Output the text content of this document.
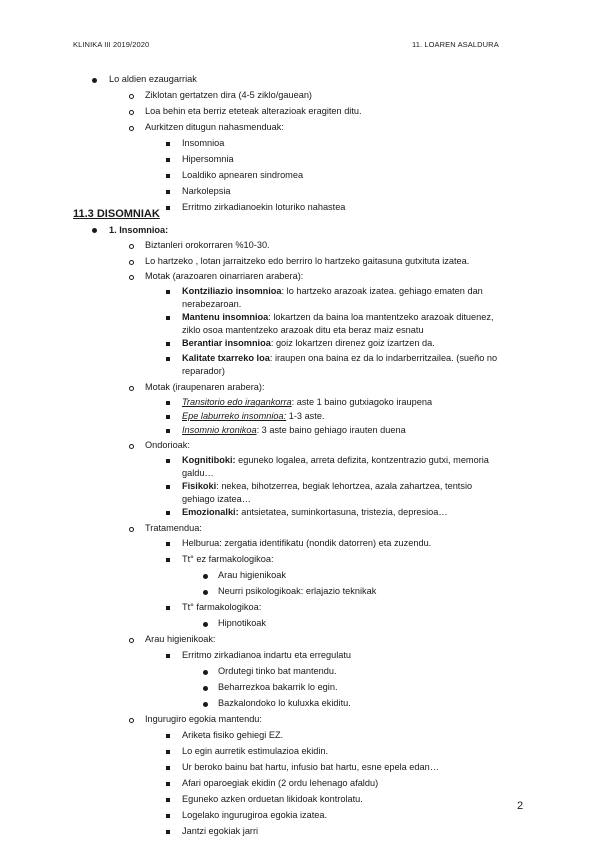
KLINIKA III 2019/2020	11. LOAREN ASALDURA
Lo aldien ezaugarriak
Ziklotan gertatzen dira (4-5 ziklo/gauean)
Loa behin eta berriz eteteak alterazioak eragiten ditu.
Aurkitzen ditugun nahasmenduak:
Insomnioa
Hipersomnia
Loaldiko apnearen sindromea
Narkolepsia
11.3 DISOMNIAK
1. Insomnioa:
Biztanleri orokorraren %10-30.
Lo hartzeko , lotan jarraitzeko edo berriro lo hartzeko gaitasuna gutxituta izatea.
Motak (arazoaren oinarriaren arabera):
Kontziliazio insomnioa: lo hartzeko arazoak izatea. gehiago ematen dan
nerabezaroan.
Mantenu insomnioa: lokartzen da baina loa mantentzeko arazoak dituenez,
ziklo osoa mantentzeko arazoak ditu eta beraz maiz esnatu
Berantiar insomnioa: goiz lokartzen direnez goiz izartzen da.
Kalitate txarreko loa: iraupen ona baina ez da lo indarberritzailea. (sueño no
reparador)
Motak (iraupenaren arabera):
Transitorio edo iragankorra: aste 1 baino gutxiagoko iraupena
Epe laburreko insomnioa: 1-3 aste.
Insomnio kronikoa: 3 aste baino gehiago irauten duena
Ondorioak:
Kognitiboki: eguneko logalea, arreta defizita, kontzentrazio gutxi, memoria
galdu…
Fisikoki: nekea, bihotzerrea, begiak lehortzea, azala zahartzea, tentsio
gehiago izatea…
Emozionalki: antsietatea, suminkortasuna, tristezia, depresioa…
Tratamendua:
Helburua: zergatia identifikatu (nondik datorren) eta zuzendu.
Tt° ez farmakologikoa:
Arau higienikoak
Neurri psikologikoak: erlajazio teknikak
Tt° farmakologikoa:
Hipnotikoak
Arau higienikoak:
Erritmo zirkadianoa indartu eta erregulatu
Ordutegi tinko bat mantendu.
Beharrezkoa bakarrik lo egin.
Bazkalondoko lo kuluxka ekiditu.
Ingurugiro egokia mantendu:
Ariketa fisiko gehiegi EZ.
Lo egin aurretik estimulazioa ekidin.
Ur beroko bainu bat hartu, infusio bat hartu, esne epela edan…
Afari oparoegiak ekidin (2 ordu lehenago afaldu)
Eguneko azken orduetan likidoak kontrolatu.
Logelako ingurugiroa egokia izatea.
Jantzi egokiak jarri
2
Erritmo zirkadianoekin loturiko nahastea
